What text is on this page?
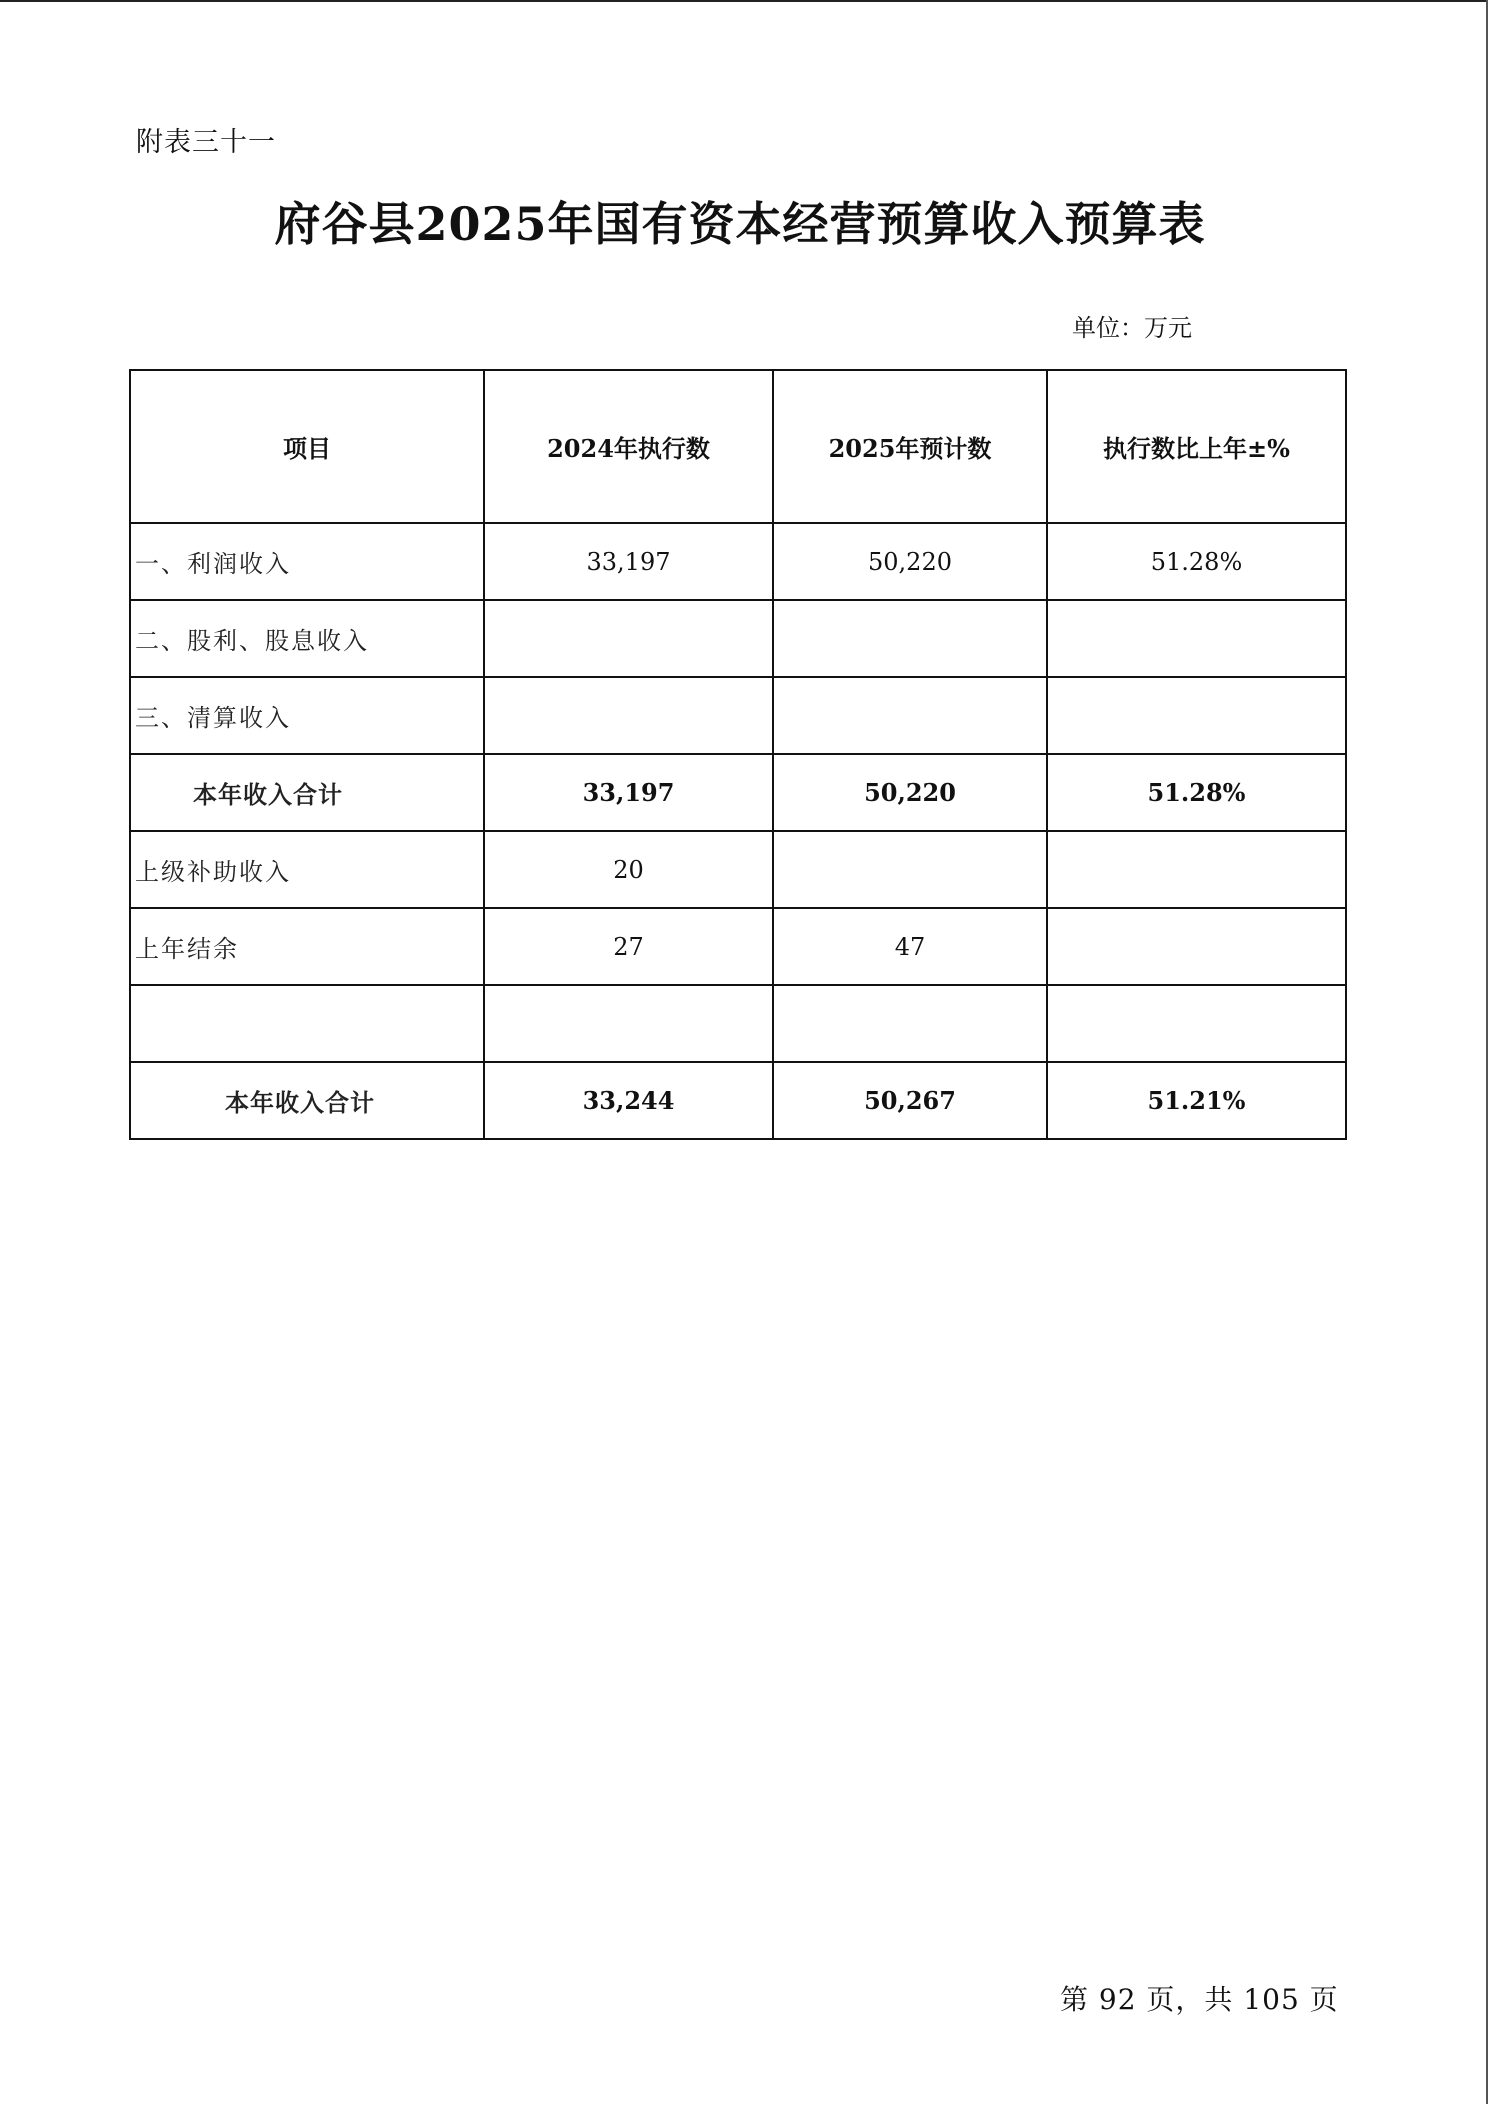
附表三十一
府谷县2025年国有资本经营预算收入预算表
单位：万元
项目	2024年执行数	2025年预计数	执行数比上年±%
一、利润收入	33,197	50,220	51.28%
二、股利、股息收入			
三、清算收入			
本年收入合计	33,197	50,220	51.28%
上级补助收入	20		
上年结余	27	47	

本年收入合计	33,244	50,267	51.21%
第 92 页，共 105 页
